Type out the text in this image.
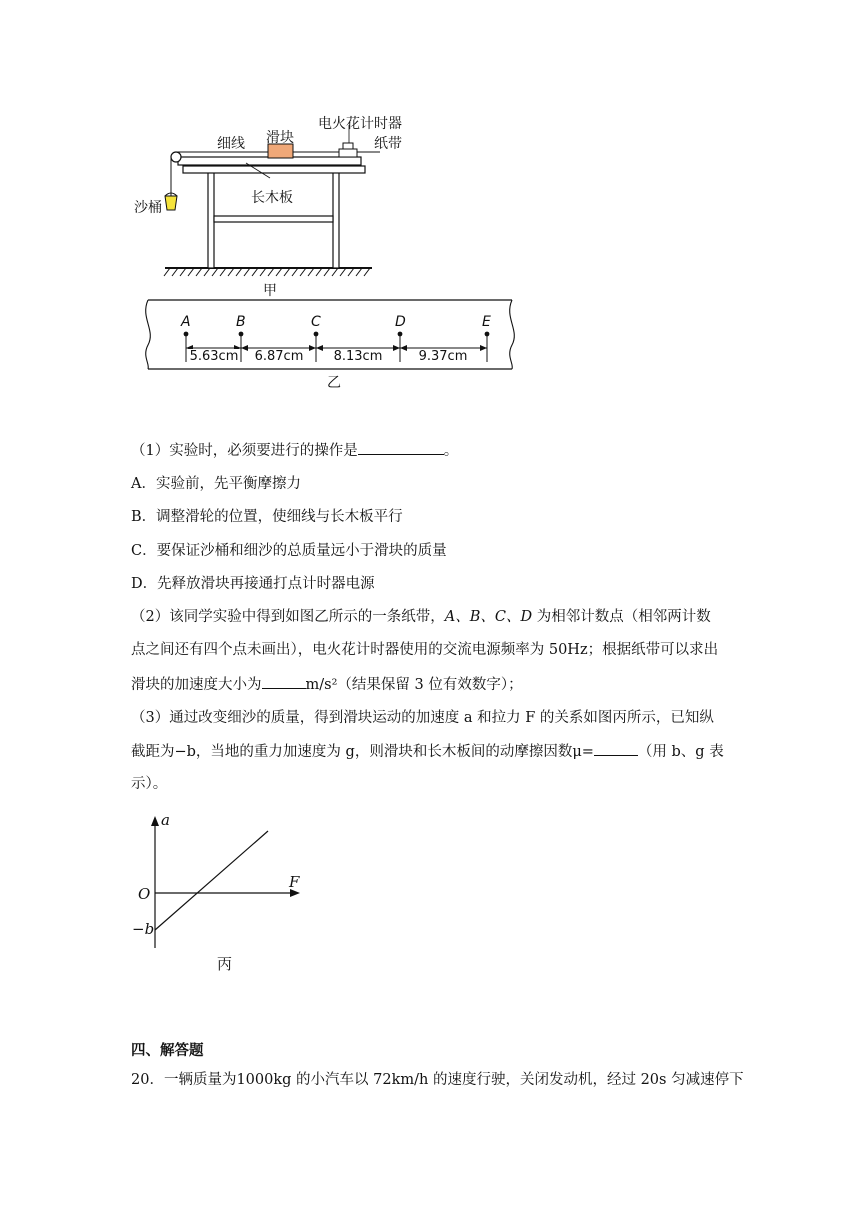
细线 滑块
电火花计时器
纸带
长木板
沙桶
甲
A	B	C	D	E
5.63cm	6.87cm	8.13cm	9.37cm
乙
（1）实验时，必须要进行的操作是	。
A．实验前，先平衡摩擦力
B．调整滑轮的位置，使细线与长木板平行
C．要保证沙桶和细沙的总质量远小于滑块的质量
D．先释放滑块再接通打点计时器电源
（2）该同学实验中得到如图乙所示的一条纸带，A、B、C、D 为相邻计数点（相邻两计数
点之间还有四个点未画出），电火花计时器使用的交流电源频率为 50Hz；根据纸带可以求出
滑块的加速度大小为	m/s²（结果保留 3 位有效数字）；
（3）通过改变细沙的质量，得到滑块运动的加速度 a 和拉力 F 的关系如图丙所示，已知纵
截距为−b，当地的重力加速度为 g，则滑块和长木板间的动摩擦因数μ=	（用 b、g 表
示）。
a
F
O
−b
丙
四、解答题
20．一辆质量为1000kg 的小汽车以 72km/h 的速度行驶，关闭发动机，经过 20s 匀减速停下
